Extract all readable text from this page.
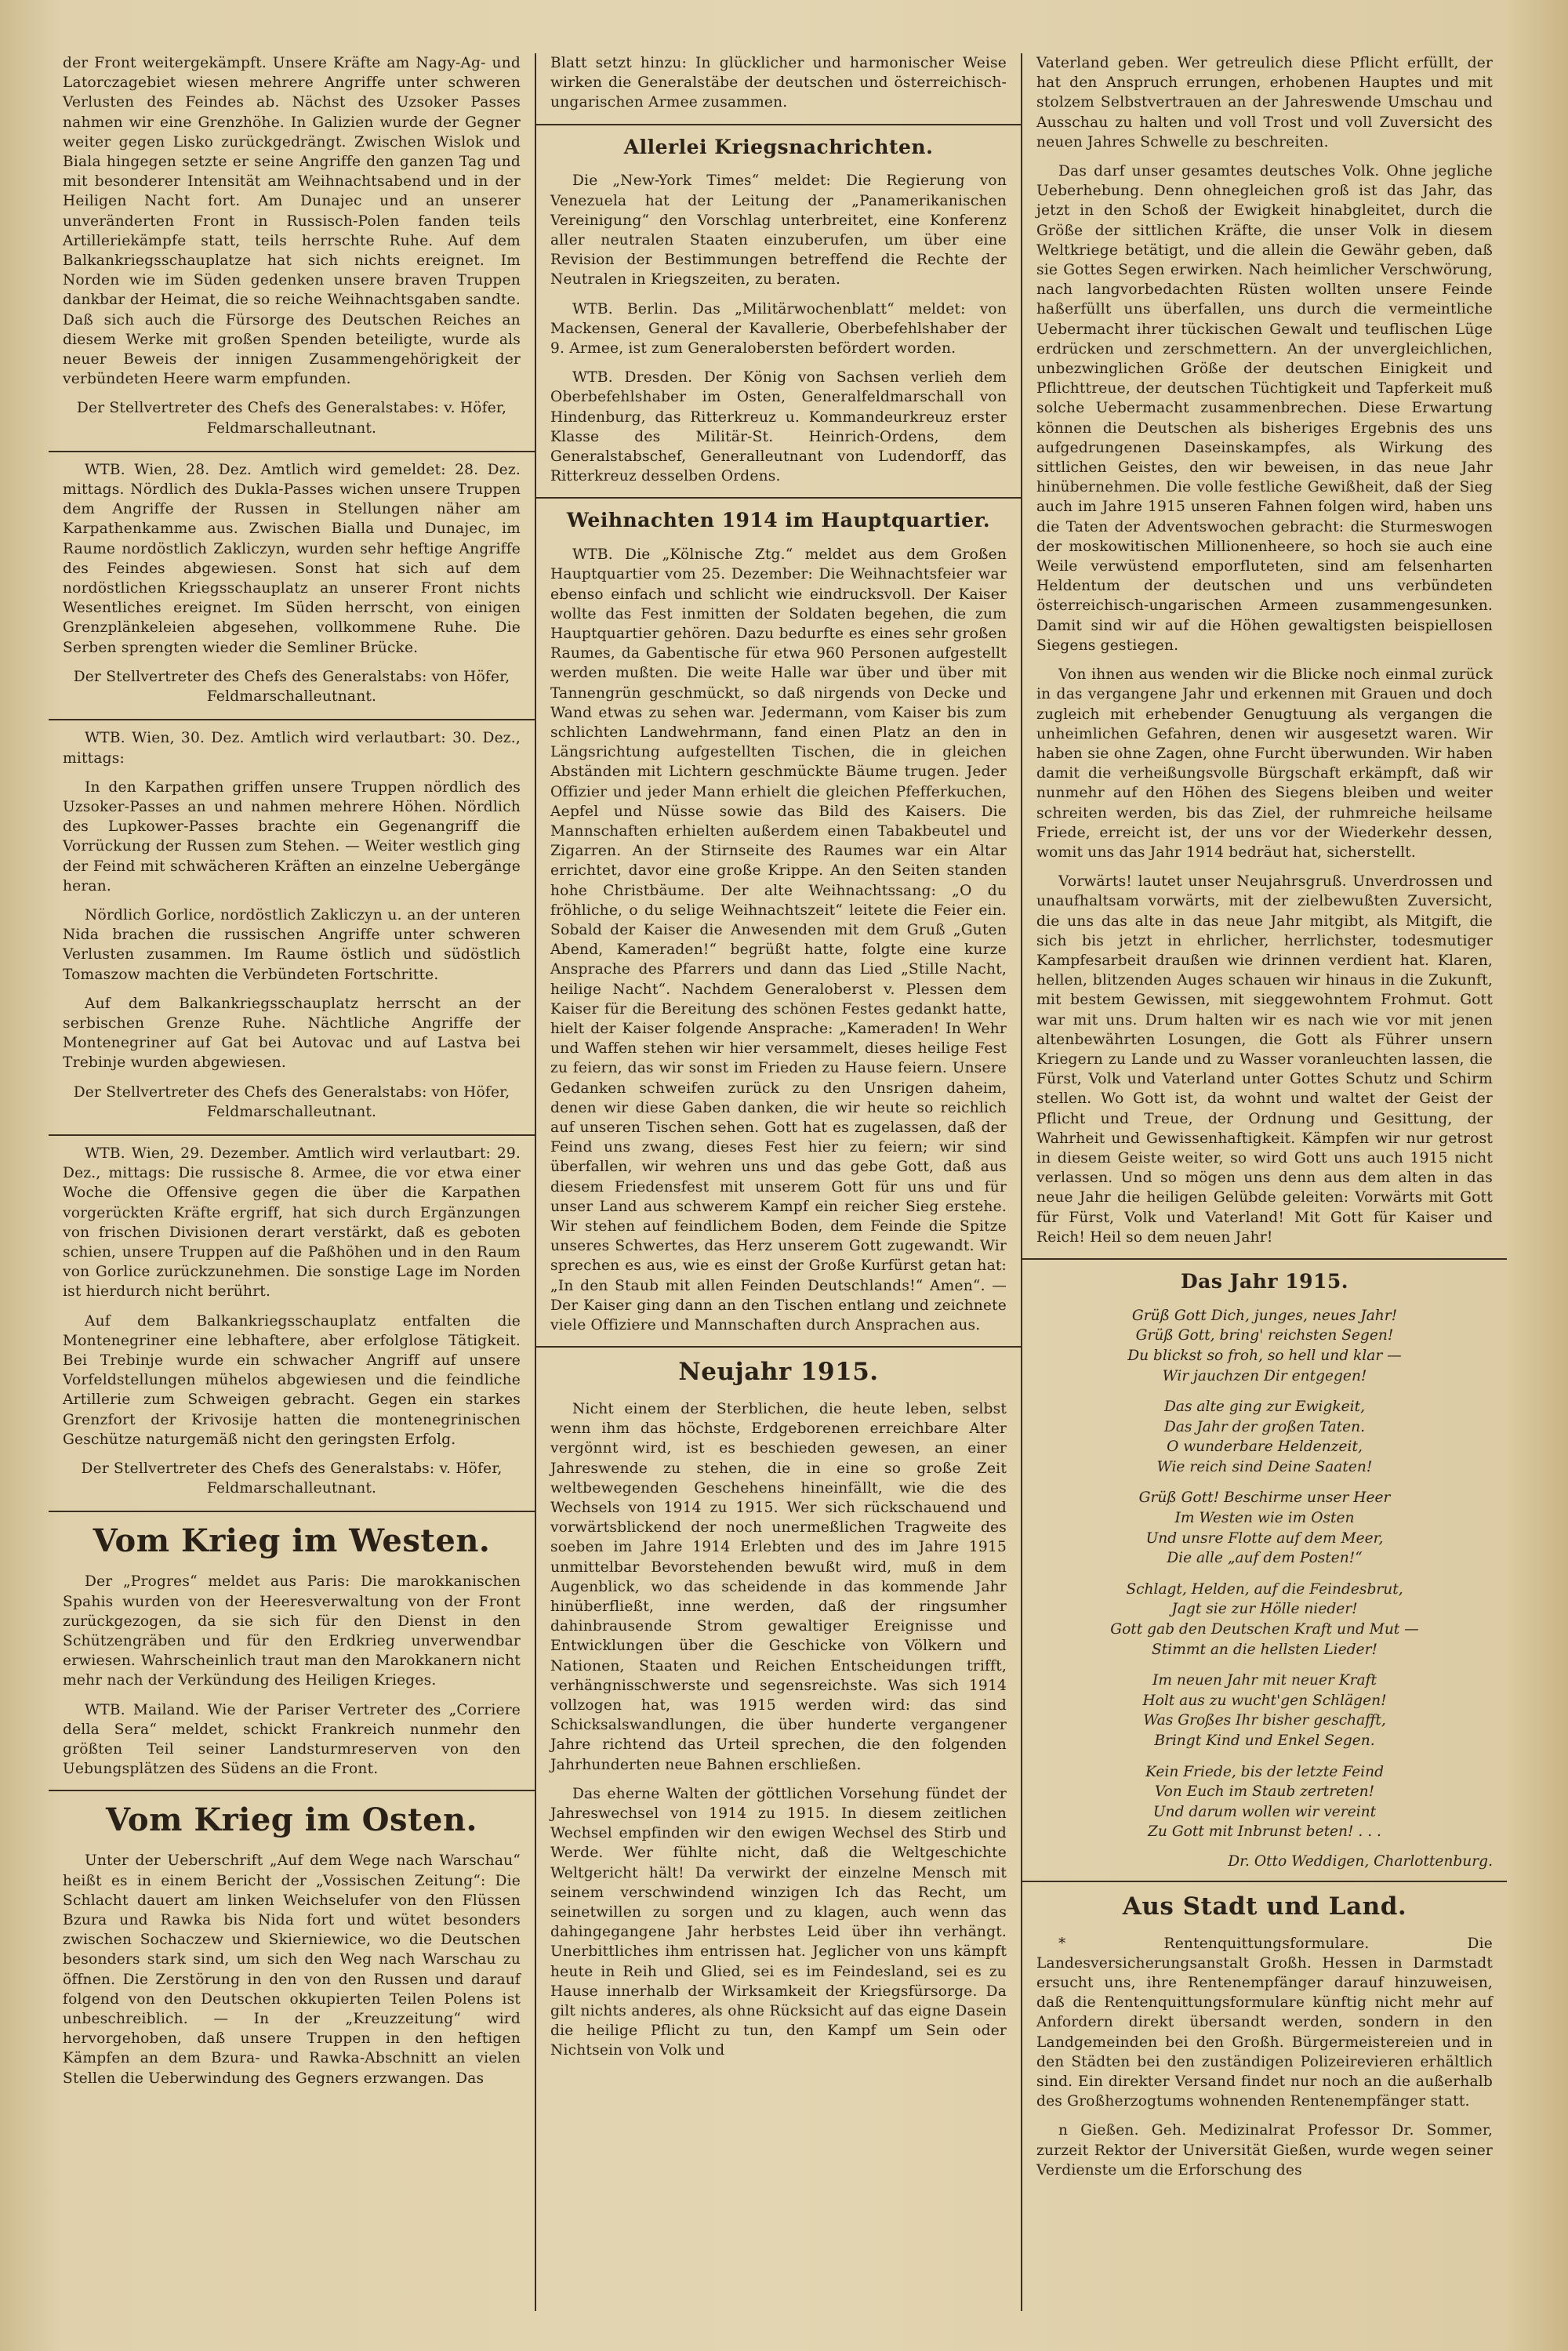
der Front weitergekämpft. Unsere Kräfte am Nagy-Ag- und Latorczagebiet wiesen mehrere Angriffe unter schweren Verlusten des Feindes ab. Nächst des Uzsoker Passes nahmen wir eine Grenzhöhe. In Galizien wurde der Gegner weiter gegen Lisko zurückgedrängt. Zwischen Wislok und Biala hingegen setzte er seine Angriffe den ganzen Tag und mit besonderer Intensität am Weihnachtsabend und in der Heiligen Nacht fort. Am Dunajec und an unserer unveränderten Front in Russisch-Polen fanden teils Artilleriekämpfe statt, teils herrschte Ruhe. Auf dem Balkankriegsschauplatze hat sich nichts ereignet. Im Norden wie im Süden gedenken unsere braven Truppen dankbar der Heimat, die so reiche Weihnachtsgaben sandte. Daß sich auch die Fürsorge des Deutschen Reiches an diesem Werke mit großen Spenden beteiligte, wurde als neuer Beweis der innigen Zusammengehörigkeit der verbündeten Heere warm empfunden.

Der Stellvertreter des Chefs des Generalstabes: v. Höfer, Feldmarschalleutnant.

WTB. Wien, 28. Dez. Amtlich wird gemeldet: 28. Dez. mittags. Nördlich des Dukla-Passes wichen unsere Truppen dem Angriffe der Russen in Stellungen näher am Karpathenkamme aus. Zwischen Bialla und Dunajec, im Raume nordöstlich Zakliczyn, wurden sehr heftige Angriffe des Feindes abgewiesen. Sonst hat sich auf dem nordöstlichen Kriegsschauplatz an unserer Front nichts Wesentliches ereignet. Im Süden herrscht, von einigen Grenzplänkeleien abgesehen, vollkommene Ruhe. Die Serben sprengten wieder die Semliner Brücke.

Der Stellvertreter des Chefs des Generalstabs: von Höfer, Feldmarschalleutnant.

WTB. Wien, 30. Dez. Amtlich wird verlautbart: 30. Dez., mittags:

In den Karpathen griffen unsere Truppen nördlich des Uzsoker-Passes an und nahmen mehrere Höhen. Nördlich des Lupkower-Passes brachte ein Gegenangriff die Vorrückung der Russen zum Stehen. — Weiter westlich ging der Feind mit schwächeren Kräften an einzelne Uebergänge heran.

Nördlich Gorlice, nordöstlich Zakliczyn u. an der unteren Nida brachen die russischen Angriffe unter schweren Verlusten zusammen. Im Raume östlich und südöstlich Tomaszow machten die Verbündeten Fortschritte.

Auf dem Balkankriegsschauplatz herrscht an der serbischen Grenze Ruhe. Nächtliche Angriffe der Montenegriner auf Gat bei Autovac und auf Lastva bei Trebinje wurden abgewiesen.

Der Stellvertreter des Chefs des Generalstabs: von Höfer, Feldmarschalleutnant.

WTB. Wien, 29. Dezember. Amtlich wird verlautbart: 29. Dez., mittags: Die russische 8. Armee, die vor etwa einer Woche die Offensive gegen die über die Karpathen vorgerückten Kräfte ergriff, hat sich durch Ergänzungen von frischen Divisionen derart verstärkt, daß es geboten schien, unsere Truppen auf die Paßhöhen und in den Raum von Gorlice zurückzunehmen. Die sonstige Lage im Norden ist hierdurch nicht berührt.

Auf dem Balkankriegsschauplatz entfalten die Montenegriner eine lebhaftere, aber erfolglose Tätigkeit. Bei Trebinje wurde ein schwacher Angriff auf unsere Vorfeldstellungen mühelos abgewiesen und die feindliche Artillerie zum Schweigen gebracht. Gegen ein starkes Grenzfort der Krivosije hatten die montenegrinischen Geschütze naturgemäß nicht den geringsten Erfolg.

Der Stellvertreter des Chefs des Generalstabs: v. Höfer, Feldmarschalleutnant.

Vom Krieg im Westen.

Der „Progres“ meldet aus Paris: Die marokkanischen Spahis wurden von der Heeresverwaltung von der Front zurückgezogen, da sie sich für den Dienst in den Schützengräben und für den Erdkrieg unverwendbar erwiesen. Wahrscheinlich traut man den Marokkanern nicht mehr nach der Verkündung des Heiligen Krieges.

WTB. Mailand. Wie der Pariser Vertreter des „Corriere della Sera“ meldet, schickt Frankreich nunmehr den größten Teil seiner Landsturmreserven von den Uebungsplätzen des Südens an die Front.

Vom Krieg im Osten.

Unter der Ueberschrift „Auf dem Wege nach Warschau“ heißt es in einem Bericht der „Vossischen Zeitung“: Die Schlacht dauert am linken Weichselufer von den Flüssen Bzura und Rawka bis Nida fort und wütet besonders zwischen Sochaczew und Skierniewice, wo die Deutschen besonders stark sind, um sich den Weg nach Warschau zu öffnen. Die Zerstörung in den von den Russen und darauf folgend von den Deutschen okkupierten Teilen Polens ist unbeschreiblich. — In der „Kreuzzeitung“ wird hervorgehoben, daß unsere Truppen in den heftigen Kämpfen an dem Bzura- und Rawka-Abschnitt an vielen Stellen die Ueberwindung des Gegners erzwangen. Das

Blatt setzt hinzu: In glücklicher und harmonischer Weise wirken die Generalstäbe der deutschen und österreichisch-ungarischen Armee zusammen.

Allerlei Kriegsnachrichten.

Die „New-York Times“ meldet: Die Regierung von Venezuela hat der Leitung der „Panamerikanischen Vereinigung“ den Vorschlag unterbreitet, eine Konferenz aller neutralen Staaten einzuberufen, um über eine Revision der Bestimmungen betreffend die Rechte der Neutralen in Kriegszeiten, zu beraten.

WTB. Berlin. Das „Militärwochenblatt“ meldet: von Mackensen, General der Kavallerie, Oberbefehlshaber der 9. Armee, ist zum Generalobersten befördert worden.

WTB. Dresden. Der König von Sachsen verlieh dem Oberbefehlshaber im Osten, Generalfeldmarschall von Hindenburg, das Ritterkreuz u. Kommandeurkreuz erster Klasse des Militär-St. Heinrich-Ordens, dem Generalstabschef, Generalleutnant von Ludendorff, das Ritterkreuz desselben Ordens.

Weihnachten 1914 im Hauptquartier.

WTB. Die „Kölnische Ztg.“ meldet aus dem Großen Hauptquartier vom 25. Dezember: Die Weihnachtsfeier war ebenso einfach und schlicht wie eindrucksvoll. Der Kaiser wollte das Fest inmitten der Soldaten begehen, die zum Hauptquartier gehören. Dazu bedurfte es eines sehr großen Raumes, da Gabentische für etwa 960 Personen aufgestellt werden mußten. Die weite Halle war über und über mit Tannengrün geschmückt, so daß nirgends von Decke und Wand etwas zu sehen war. Jedermann, vom Kaiser bis zum schlichten Landwehrmann, fand einen Platz an den in Längsrichtung aufgestellten Tischen, die in gleichen Abständen mit Lichtern geschmückte Bäume trugen. Jeder Offizier und jeder Mann erhielt die gleichen Pfefferkuchen, Aepfel und Nüsse sowie das Bild des Kaisers. Die Mannschaften erhielten außerdem einen Tabakbeutel und Zigarren. An der Stirnseite des Raumes war ein Altar errichtet, davor eine große Krippe. An den Seiten standen hohe Christbäume. Der alte Weihnachtssang: „O du fröhliche, o du selige Weihnachtszeit“ leitete die Feier ein. Sobald der Kaiser die Anwesenden mit dem Gruß „Guten Abend, Kameraden!“ begrüßt hatte, folgte eine kurze Ansprache des Pfarrers und dann das Lied „Stille Nacht, heilige Nacht“. Nachdem Generaloberst v. Plessen dem Kaiser für die Bereitung des schönen Festes gedankt hatte, hielt der Kaiser folgende Ansprache: „Kameraden! In Wehr und Waffen stehen wir hier versammelt, dieses heilige Fest zu feiern, das wir sonst im Frieden zu Hause feiern. Unsere Gedanken schweifen zurück zu den Unsrigen daheim, denen wir diese Gaben danken, die wir heute so reichlich auf unseren Tischen sehen. Gott hat es zugelassen, daß der Feind uns zwang, dieses Fest hier zu feiern; wir sind überfallen, wir wehren uns und das gebe Gott, daß aus diesem Friedensfest mit unserem Gott für uns und für unser Land aus schwerem Kampf ein reicher Sieg erstehe. Wir stehen auf feindlichem Boden, dem Feinde die Spitze unseres Schwertes, das Herz unserem Gott zugewandt. Wir sprechen es aus, wie es einst der Große Kurfürst getan hat: „In den Staub mit allen Feinden Deutschlands!“ Amen“. — Der Kaiser ging dann an den Tischen entlang und zeichnete viele Offiziere und Mannschaften durch Ansprachen aus.

Neujahr 1915.

Nicht einem der Sterblichen, die heute leben, selbst wenn ihm das höchste, Erdgeborenen erreichbare Alter vergönnt wird, ist es beschieden gewesen, an einer Jahreswende zu stehen, die in eine so große Zeit weltbewegenden Geschehens hineinfällt, wie die des Wechsels von 1914 zu 1915. Wer sich rückschauend und vorwärtsblickend der noch unermeßlichen Tragweite des soeben im Jahre 1914 Erlebten und des im Jahre 1915 unmittelbar Bevorstehenden bewußt wird, muß in dem Augenblick, wo das scheidende in das kommende Jahr hinüberfließt, inne werden, daß der ringsumher dahinbrausende Strom gewaltiger Ereignisse und Entwicklungen über die Geschicke von Völkern und Nationen, Staaten und Reichen Entscheidungen trifft, verhängnisschwerste und segensreichste. Was sich 1914 vollzogen hat, was 1915 werden wird: das sind Schicksalswandlungen, die über hunderte vergangener Jahre richtend das Urteil sprechen, die den folgenden Jahrhunderten neue Bahnen erschließen.

Das eherne Walten der göttlichen Vorsehung fündet der Jahreswechsel von 1914 zu 1915. In diesem zeitlichen Wechsel empfinden wir den ewigen Wechsel des Stirb und Werde. Wer fühlte nicht, daß die Weltgeschichte Weltgericht hält! Da verwirkt der einzelne Mensch mit seinem verschwindend winzigen Ich das Recht, um seinetwillen zu sorgen und zu klagen, auch wenn das dahingegangene Jahr herbstes Leid über ihn verhängt. Unerbittliches ihm entrissen hat. Jeglicher von uns kämpft heute in Reih und Glied, sei es im Feindesland, sei es zu Hause innerhalb der Wirksamkeit der Kriegsfürsorge. Da gilt nichts anderes, als ohne Rücksicht auf das eigne Dasein die heilige Pflicht zu tun, den Kampf um Sein oder Nichtsein von Volk und

Vaterland geben. Wer getreulich diese Pflicht erfüllt, der hat den Anspruch errungen, erhobenen Hauptes und mit stolzem Selbstvertrauen an der Jahreswende Umschau und Ausschau zu halten und voll Trost und voll Zuversicht des neuen Jahres Schwelle zu beschreiten.

Das darf unser gesamtes deutsches Volk. Ohne jegliche Ueberhebung. Denn ohnegleichen groß ist das Jahr, das jetzt in den Schoß der Ewigkeit hinabgleitet, durch die Größe der sittlichen Kräfte, die unser Volk in diesem Weltkriege betätigt, und die allein die Gewähr geben, daß sie Gottes Segen erwirken. Nach heimlicher Verschwörung, nach langvorbedachten Rüsten wollten unsere Feinde haßerfüllt uns überfallen, uns durch die vermeintliche Uebermacht ihrer tückischen Gewalt und teuflischen Lüge erdrücken und zerschmettern. An der unvergleichlichen, unbezwinglichen Größe der deutschen Einigkeit und Pflichttreue, der deutschen Tüchtigkeit und Tapferkeit muß solche Uebermacht zusammenbrechen. Diese Erwartung können die Deutschen als bisheriges Ergebnis des uns aufgedrungenen Daseinskampfes, als Wirkung des sittlichen Geistes, den wir beweisen, in das neue Jahr hinübernehmen. Die volle festliche Gewißheit, daß der Sieg auch im Jahre 1915 unseren Fahnen folgen wird, haben uns die Taten der Adventswochen gebracht: die Sturmeswogen der moskowitischen Millionenheere, so hoch sie auch eine Weile verwüstend emporfluteten, sind am felsenharten Heldentum der deutschen und uns verbündeten österreichisch-ungarischen Armeen zusammengesunken. Damit sind wir auf die Höhen gewaltigsten beispiellosen Siegens gestiegen.

Von ihnen aus wenden wir die Blicke noch einmal zurück in das vergangene Jahr und erkennen mit Grauen und doch zugleich mit erhebender Genugtuung als vergangen die unheimlichen Gefahren, denen wir ausgesetzt waren. Wir haben sie ohne Zagen, ohne Furcht überwunden. Wir haben damit die verheißungsvolle Bürgschaft erkämpft, daß wir nunmehr auf den Höhen des Siegens bleiben und weiter schreiten werden, bis das Ziel, der ruhmreiche heilsame Friede, erreicht ist, der uns vor der Wiederkehr dessen, womit uns das Jahr 1914 bedräut hat, sicherstellt.

Vorwärts! lautet unser Neujahrsgruß. Unverdrossen und unaufhaltsam vorwärts, mit der zielbewußten Zuversicht, die uns das alte in das neue Jahr mitgibt, als Mitgift, die sich bis jetzt in ehrlicher, herrlichster, todesmutiger Kampfesarbeit draußen wie drinnen verdient hat. Klaren, hellen, blitzenden Auges schauen wir hinaus in die Zukunft, mit bestem Gewissen, mit sieggewohntem Frohmut. Gott war mit uns. Drum halten wir es nach wie vor mit jenen altenbewährten Losungen, die Gott als Führer unsern Kriegern zu Lande und zu Wasser voranleuchten lassen, die Fürst, Volk und Vaterland unter Gottes Schutz und Schirm stellen. Wo Gott ist, da wohnt und waltet der Geist der Pflicht und Treue, der Ordnung und Gesittung, der Wahrheit und Gewissenhaftigkeit. Kämpfen wir nur getrost in diesem Geiste weiter, so wird Gott uns auch 1915 nicht verlassen. Und so mögen uns denn aus dem alten in das neue Jahr die heiligen Gelübde geleiten: Vorwärts mit Gott für Fürst, Volk und Vaterland! Mit Gott für Kaiser und Reich! Heil so dem neuen Jahr!

Das Jahr 1915.
Grüß Gott Dich, junges, neues Jahr!
Grüß Gott, bring' reichsten Segen!
Du blickst so froh, so hell und klar —
Wir jauchzen Dir entgegen!
Das alte ging zur Ewigkeit,
Das Jahr der großen Taten.
O wunderbare Heldenzeit,
Wie reich sind Deine Saaten!
Grüß Gott! Beschirme unser Heer
Im Westen wie im Osten
Und unsre Flotte auf dem Meer,
Die alle „auf dem Posten!“
Schlagt, Helden, auf die Feindesbrut,
Jagt sie zur Hölle nieder!
Gott gab den Deutschen Kraft und Mut —
Stimmt an die hellsten Lieder!
Im neuen Jahr mit neuer Kraft
Holt aus zu wucht'gen Schlägen!
Was Großes Ihr bisher geschafft,
Bringt Kind und Enkel Segen.
Kein Friede, bis der letzte Feind
Von Euch im Staub zertreten!
Und darum wollen wir vereint
Zu Gott mit Inbrunst beten! . . .
Dr. Otto Weddigen, Charlottenburg.
Aus Stadt und Land.

* Rentenquittungsformulare. Die Landesversicherungsanstalt Großh. Hessen in Darmstadt ersucht uns, ihre Rentenempfänger darauf hinzuweisen, daß die Rentenquittungsformulare künftig nicht mehr auf Anfordern direkt übersandt werden, sondern in den Landgemeinden bei den Großh. Bürgermeistereien und in den Städten bei den zuständigen Polizeirevieren erhältlich sind. Ein direkter Versand findet nur noch an die außerhalb des Großherzogtums wohnenden Rentenempfänger statt.

n Gießen. Geh. Medizinalrat Professor Dr. Sommer, zurzeit Rektor der Universität Gießen, wurde wegen seiner Verdienste um die Erforschung des
